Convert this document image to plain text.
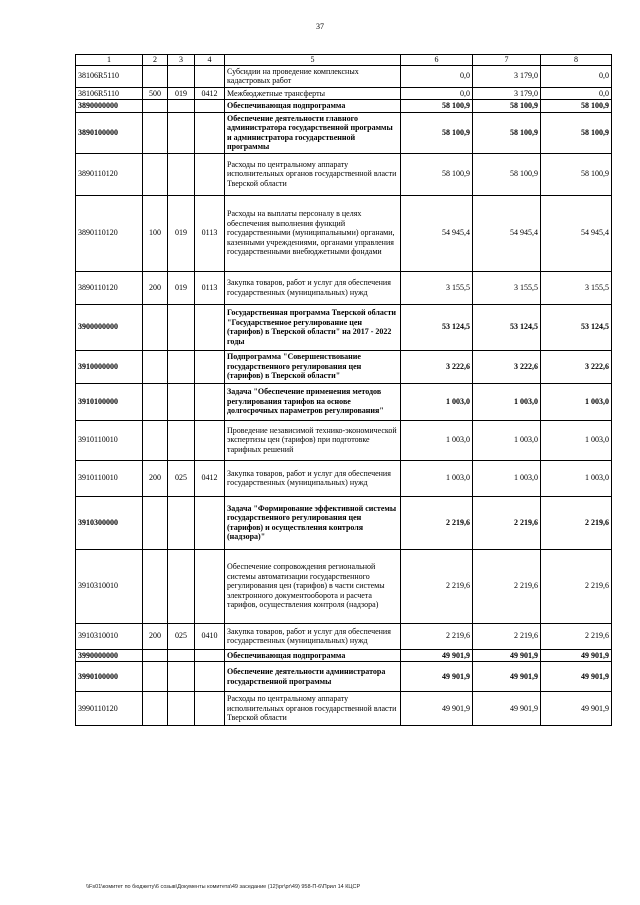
37
1	2	3	4	5	6	7	8
38106R5110				Субсидии на проведение комплексных кадастровых работ	0,0	3 179,0	0,0
38106R5110	500	019	0412	Межбюджетные трансферты	0,0	3 179,0	0,0
3890000000				Обеспечивающая подпрограмма	58 100,9	58 100,9	58 100,9
3890100000				Обеспечение деятельности главного администратора государственной программы и администратора государственной программы	58 100,9	58 100,9	58 100,9
3890110120				Расходы по центральному аппарату исполнительных органов государственной власти Тверской области	58 100,9	58 100,9	58 100,9
3890110120	100	019	0113	Расходы на выплаты персоналу в целях обеспечения выполнения функций государственными (муниципальными) органами, казенными учреждениями, органами управления государственными внебюджетными фондами	54 945,4	54 945,4	54 945,4
3890110120	200	019	0113	Закупка товаров, работ и услуг для обеспечения государственных (муниципальных) нужд	3 155,5	3 155,5	3 155,5
3900000000				Государственная программа Тверской области "Государственное регулирование цен (тарифов) в Тверской области" на 2017 - 2022 годы	53 124,5	53 124,5	53 124,5
3910000000				Подпрограмма "Совершенствование государственного регулирования цен (тарифов) в Тверской области"	3 222,6	3 222,6	3 222,6
3910100000				Задача "Обеспечение применения методов регулирования тарифов на основе долгосрочных параметров регулирования"	1 003,0	1 003,0	1 003,0
3910110010				Проведение независимой технико-экономической экспертизы цен (тарифов) при подготовке тарифных решений	1 003,0	1 003,0	1 003,0
3910110010	200	025	0412	Закупка товаров, работ и услуг для обеспечения государственных (муниципальных) нужд	1 003,0	1 003,0	1 003,0
3910300000				Задача "Формирование эффективной системы государственного регулирования цен (тарифов) и осуществления контроля (надзора)"	2 219,6	2 219,6	2 219,6
3910310010				Обеспечение сопровождения региональной системы автоматизации государственного регулирования цен (тарифов) в части системы электронного документооборота и расчета тарифов, осуществления контроля (надзора)	2 219,6	2 219,6	2 219,6
3910310010	200	025	0410	Закупка товаров, работ и услуг для обеспечения государственных (муниципальных) нужд	2 219,6	2 219,6	2 219,6
3990000000				Обеспечивающая подпрограмма	49 901,9	49 901,9	49 901,9
3990100000				Обеспечение деятельности администратора государственной программы	49 901,9	49 901,9	49 901,9
3990110120				Расходы по центральному аппарату исполнительных органов государственной власти Тверской области	49 901,9	49 901,9	49 901,9
\\Fs01\комитет по бюджету\6 созыв\Документы комитета\49 заседание (12)\pr\pr\49) 958-П-6\Прил 14 КЦСР
